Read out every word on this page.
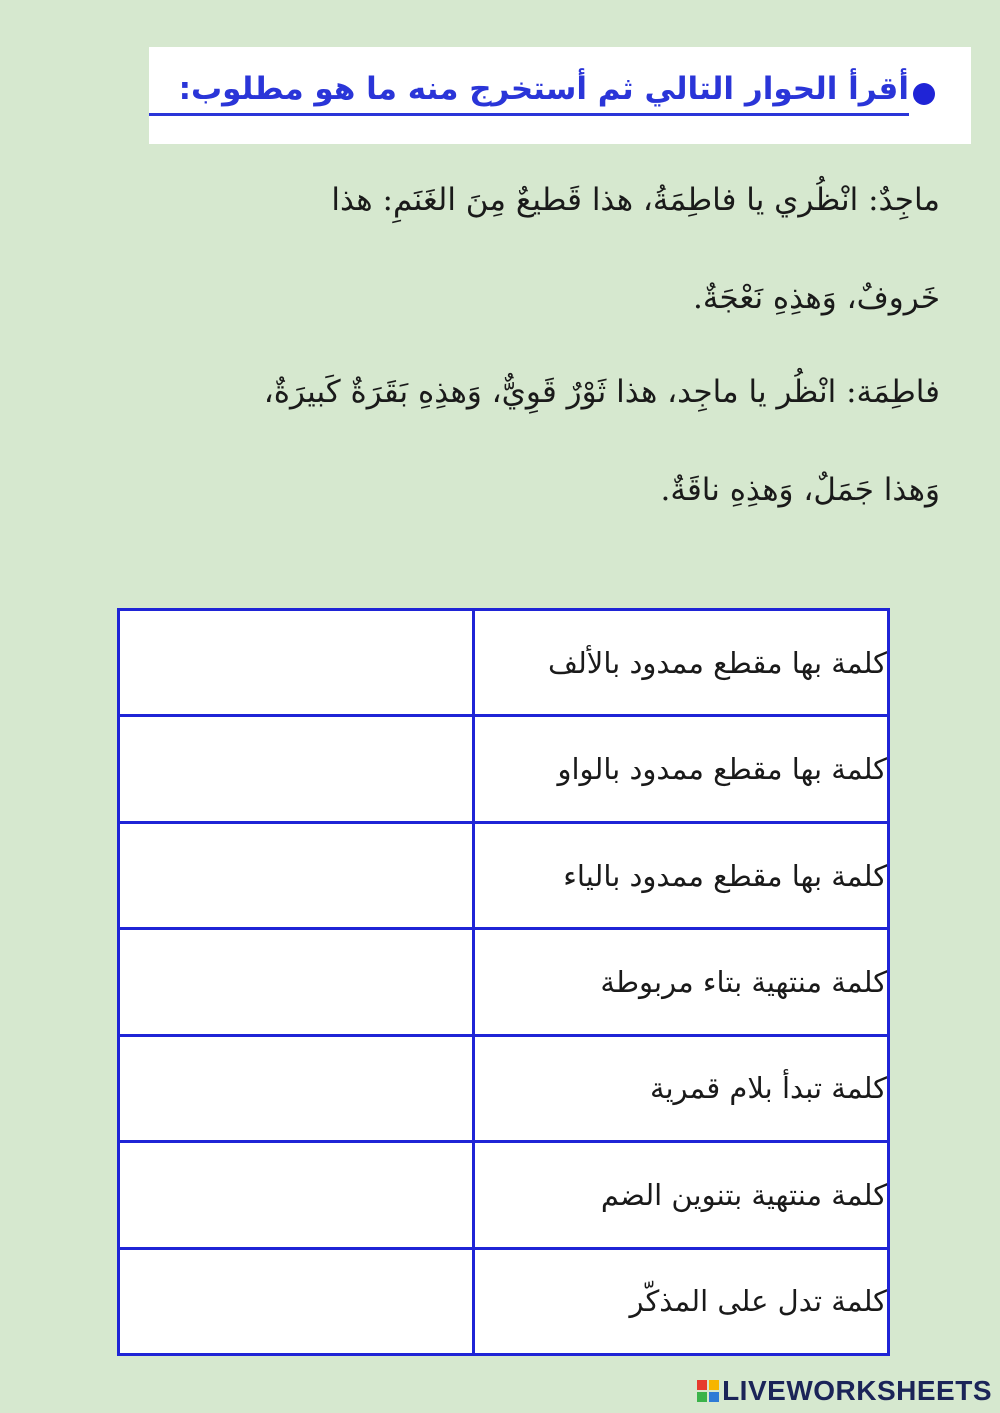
أقرأ الحوار التالي ثم أستخرج منه ما هو مطلوب:
ماجِدٌ: انْظُري يا فاطِمَةُ، هذا قَطيعٌ مِنَ الغَنَمِ: هذا
خَروفٌ، وَهذِهِ نَعْجَةٌ.
فاطِمَة: انْظُر يا ماجِد، هذا ثَوْرٌ قَوِيٌّ، وَهذِهِ بَقَرَةٌ كَبيرَةٌ،
وَهذا جَمَلٌ، وَهذِهِ ناقَةٌ.
كلمة بها مقطع ممدود بالألف	
كلمة بها مقطع ممدود بالواو	
كلمة بها مقطع ممدود بالياء	
كلمة منتهية بتاء مربوطة	
كلمة تبدأ بلام قمرية	
كلمة منتهية بتنوين الضم	
كلمة تدل على المذكّر	
LIVEWORKSHEETS
